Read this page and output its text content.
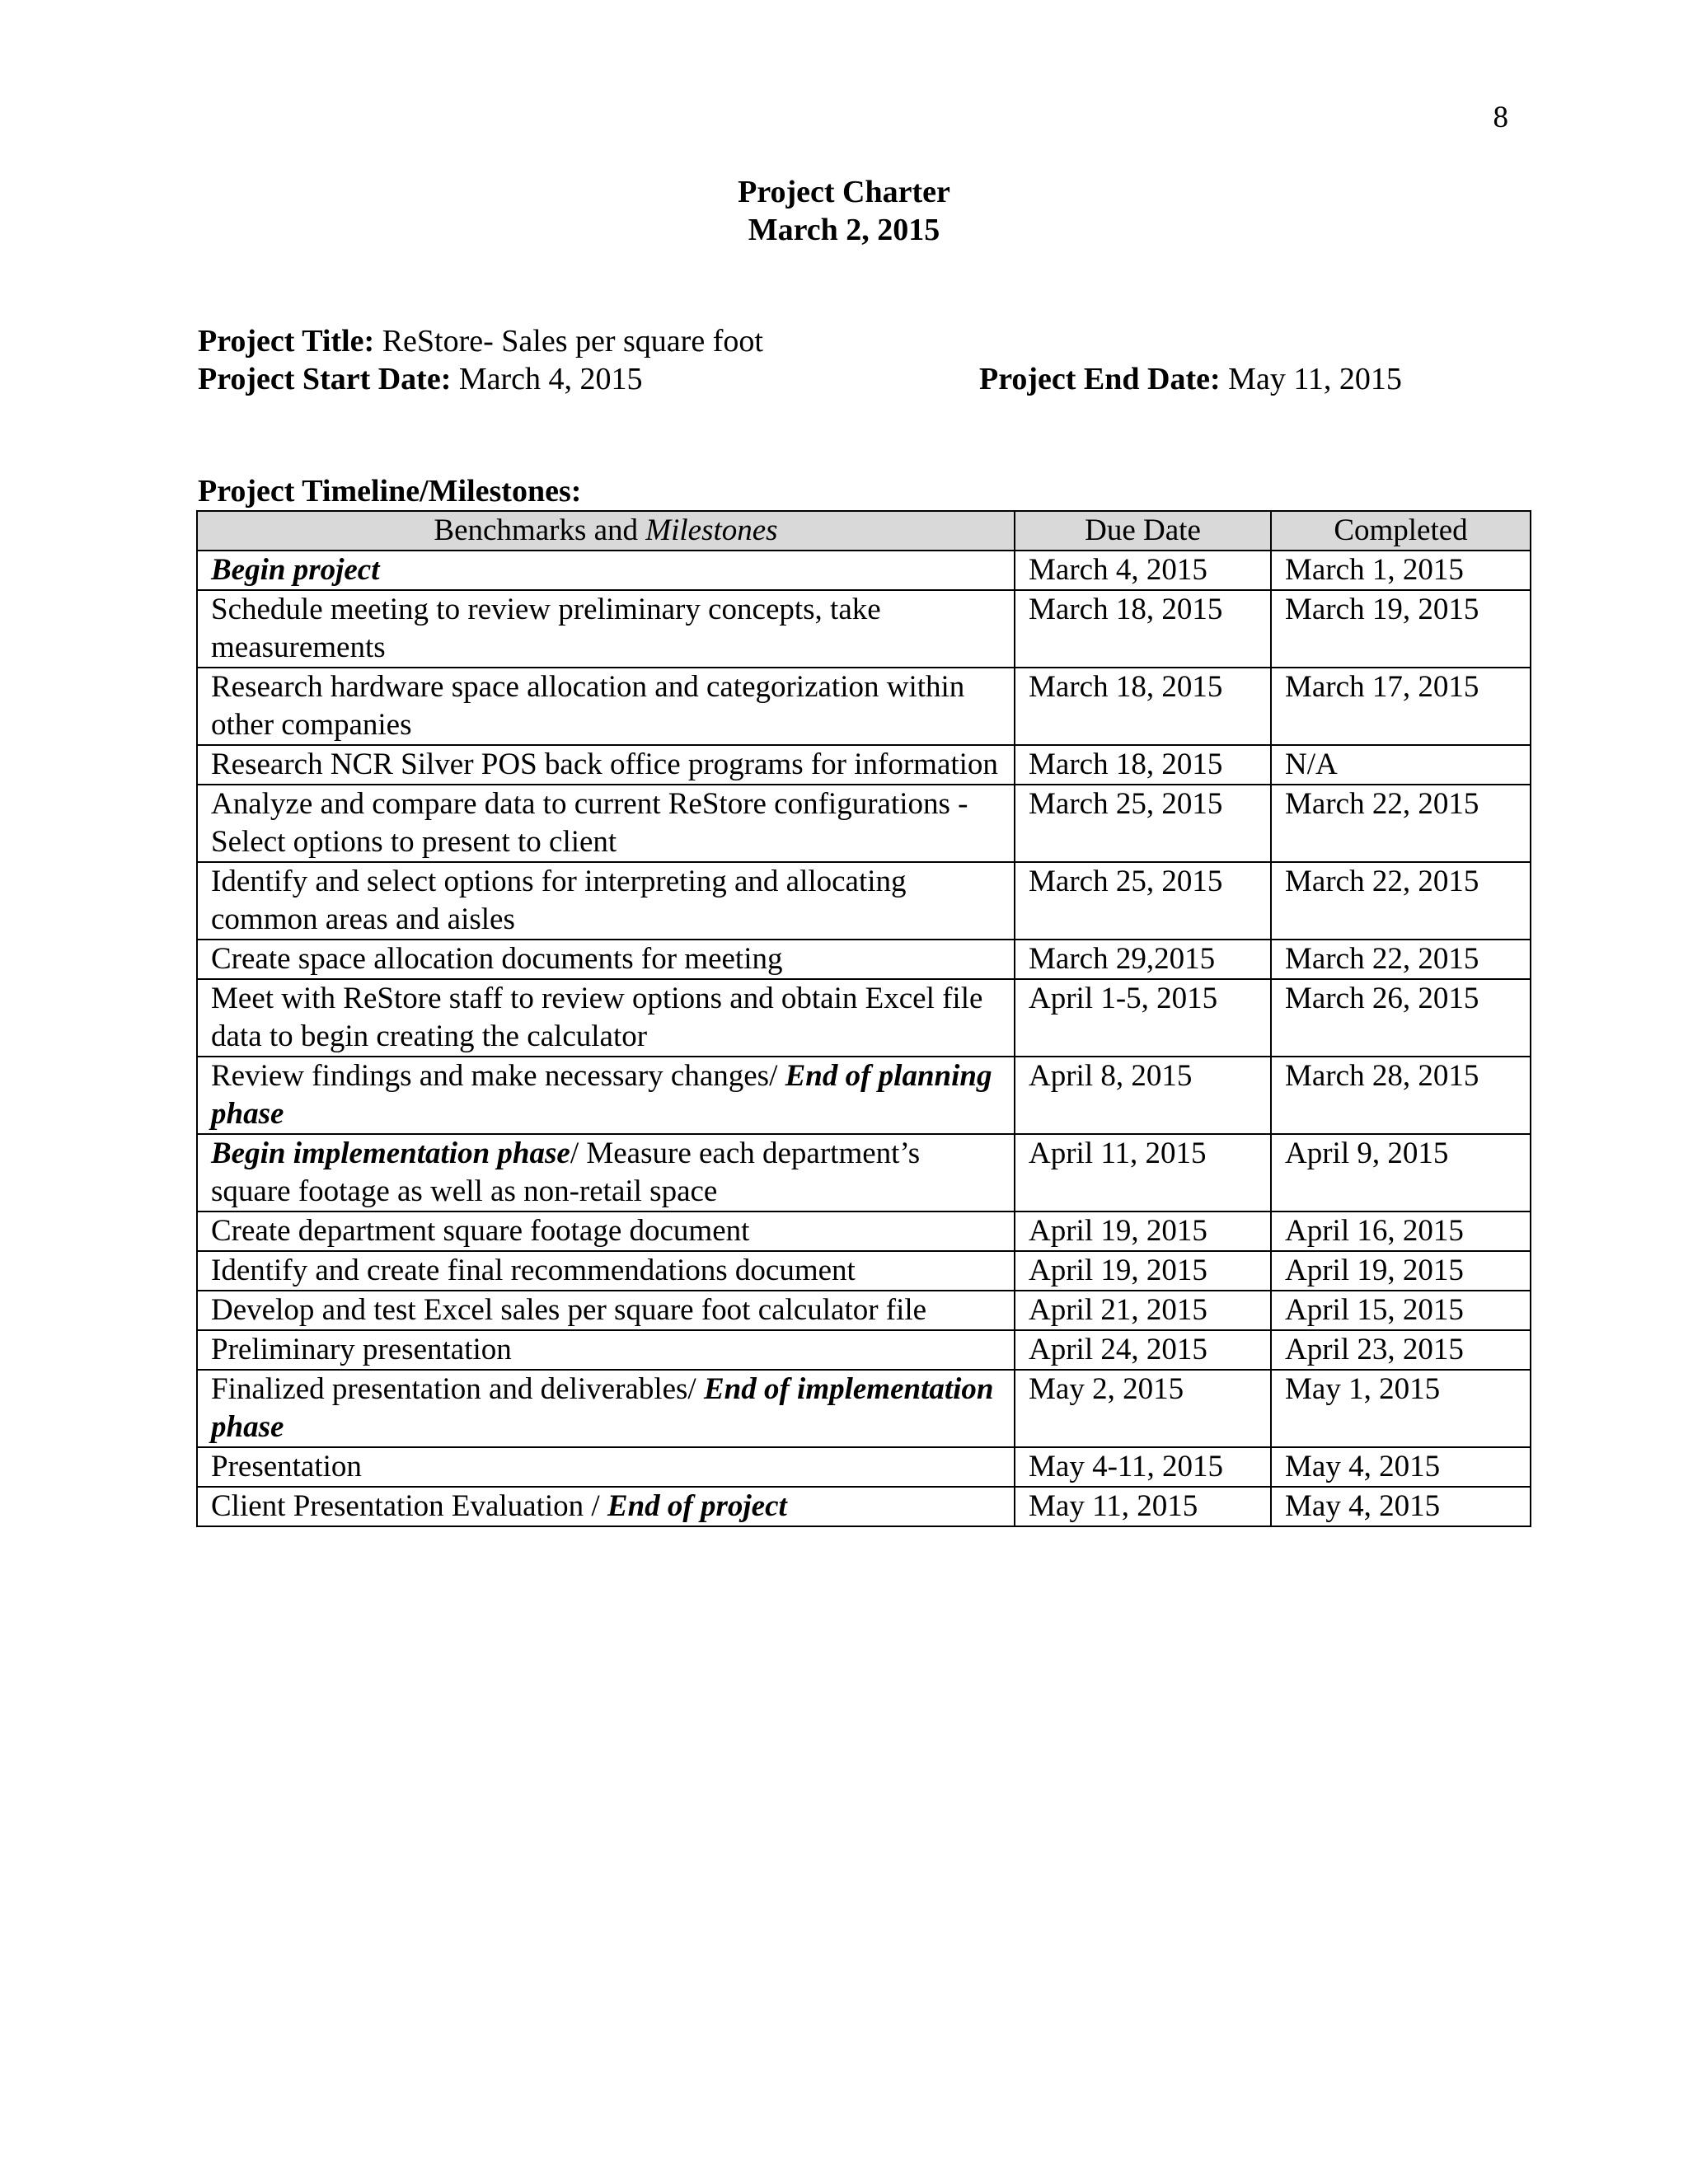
8
Project Charter
March 2, 2015
Project Title: ReStore- Sales per square foot
Project Start Date: March 4, 2015	Project End Date: May 11, 2015
Project Timeline/Milestones:
Benchmarks and Milestones	Due Date	Completed
Begin project	March 4, 2015	March 1, 2015
Schedule meeting to review preliminary concepts, take measurements	March 18, 2015	March 19, 2015
Research hardware space allocation and categorization within other companies	March 18, 2015	March 17, 2015
Research NCR Silver POS back office programs for information	March 18, 2015	N/A
Analyze and compare data to current ReStore configurations -Select options to present to client	March 25, 2015	March 22, 2015
Identify and select options for interpreting and allocating common areas and aisles	March 25, 2015	March 22, 2015
Create space allocation documents for meeting	March 29,2015	March 22, 2015
Meet with ReStore staff to review options and obtain Excel file data to begin creating the calculator	April 1-5, 2015	March 26, 2015
Review findings and make necessary changes/ End of planning phase	April 8, 2015	March 28, 2015
Begin implementation phase/ Measure each department’s square footage as well as non-retail space	April 11, 2015	April 9, 2015
Create department square footage document	April 19, 2015	April 16, 2015
Identify and create final recommendations document	April 19, 2015	April 19, 2015
Develop and test Excel sales per square foot calculator file	April 21, 2015	April 15, 2015
Preliminary presentation	April 24, 2015	April 23, 2015
Finalized presentation and deliverables/ End of implementation phase	May 2, 2015	May 1, 2015
Presentation	May 4-11, 2015	May 4, 2015
Client Presentation Evaluation / End of project	May 11, 2015	May 4, 2015
